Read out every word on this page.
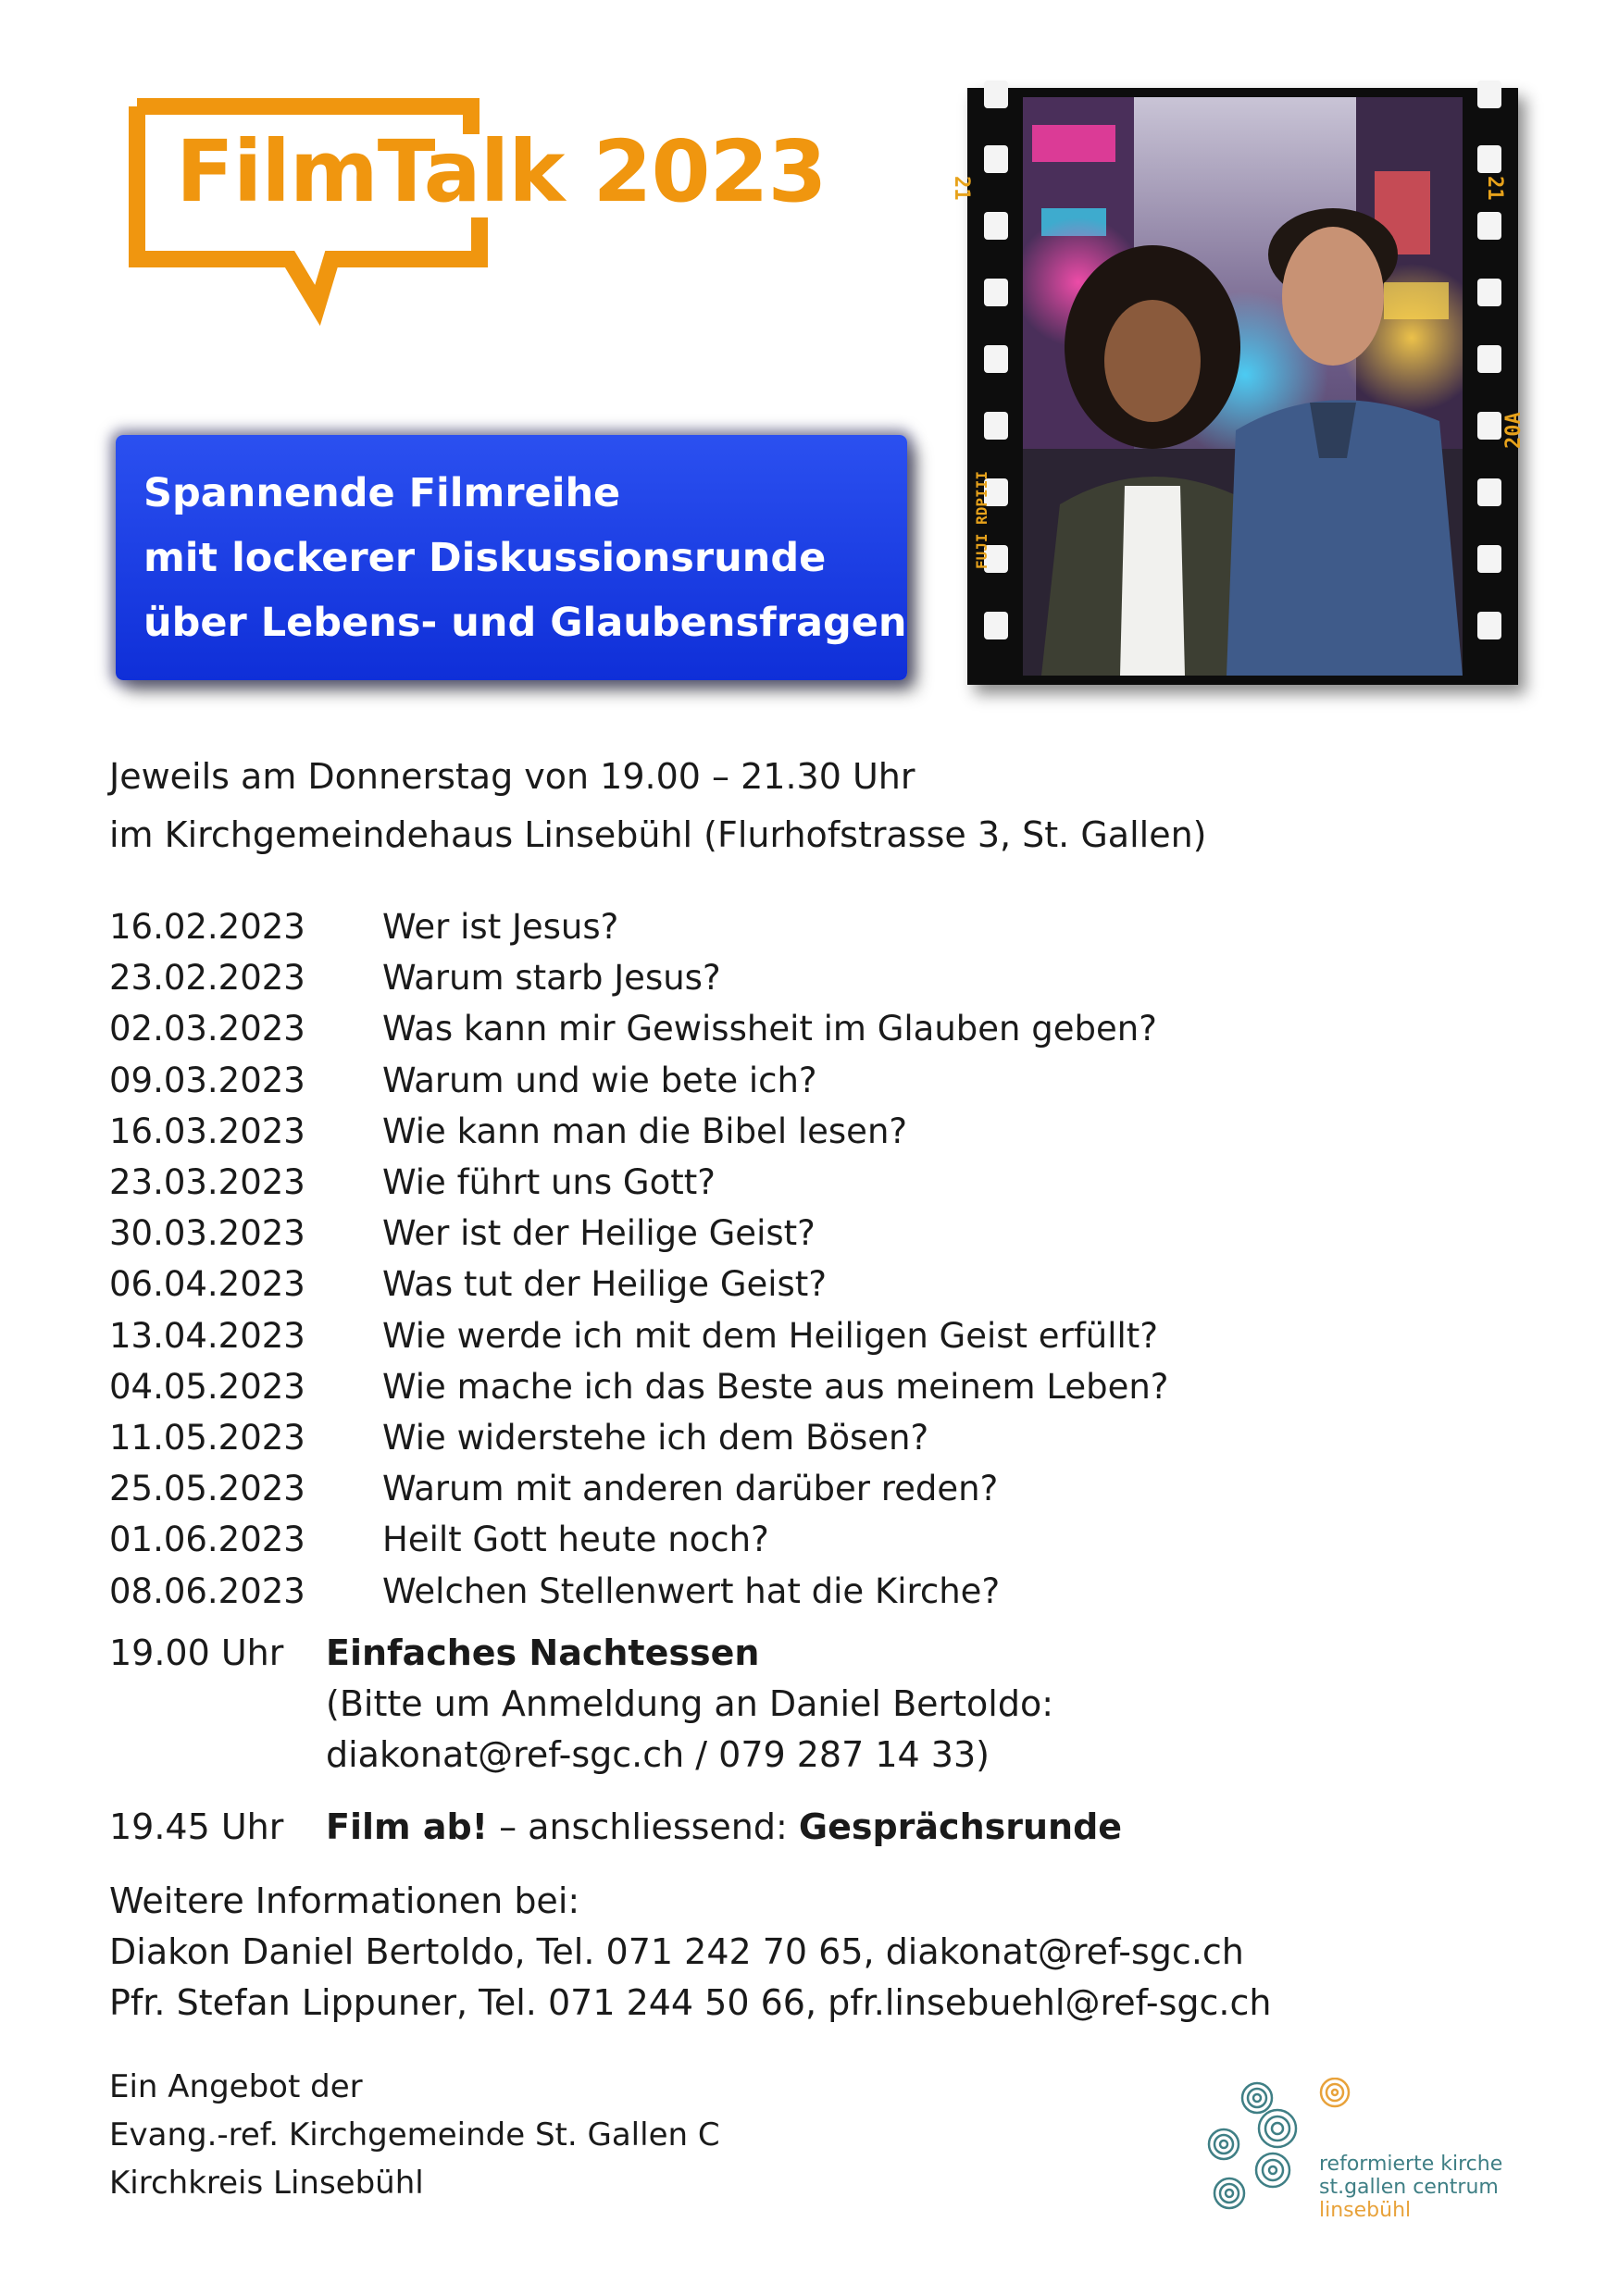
FilmTalk 2023
Spannende Filmreihe
mit lockerer Diskussionsrunde
über Lebens- und Glaubensfragen
21	21
20A
FUJI RDPIII
Jeweils am Donnerstag von 19.00 – 21.30 Uhr
im Kirchgemeindehaus Linsebühl (Flurhofstrasse 3, St. Gallen)
16.02.2023 Wer ist Jesus?
23.02.2023 Warum starb Jesus?
02.03.2023 Was kann mir Gewissheit im Glauben geben?
09.03.2023 Warum und wie bete ich?
16.03.2023 Wie kann man die Bibel lesen?
23.03.2023 Wie führt uns Gott?
30.03.2023 Wer ist der Heilige Geist?
06.04.2023 Was tut der Heilige Geist?
13.04.2023 Wie werde ich mit dem Heiligen Geist erfüllt?
04.05.2023 Wie mache ich das Beste aus meinem Leben?
11.05.2023 Wie widerstehe ich dem Bösen?
25.05.2023 Warum mit anderen darüber reden?
01.06.2023 Heilt Gott heute noch?
08.06.2023 Welchen Stellenwert hat die Kirche?
19.00 Uhr Einfaches Nachtessen
(Bitte um Anmeldung an Daniel Bertoldo:
diakonat@ref-sgc.ch / 079 287 14 33)
19.45 Uhr Film ab! – anschliessend: Gesprächsrunde
Weitere Informationen bei:
Diakon Daniel Bertoldo, Tel. 071 242 70 65, diakonat@ref-sgc.ch
Pfr. Stefan Lippuner, Tel. 071 244 50 66, pfr.linsebuehl@ref-sgc.ch
Ein Angebot der
Evang.-ref. Kirchgemeinde St. Gallen C
Kirchkreis Linsebühl
reformierte kirche
st.gallen centrum
linsebühl
